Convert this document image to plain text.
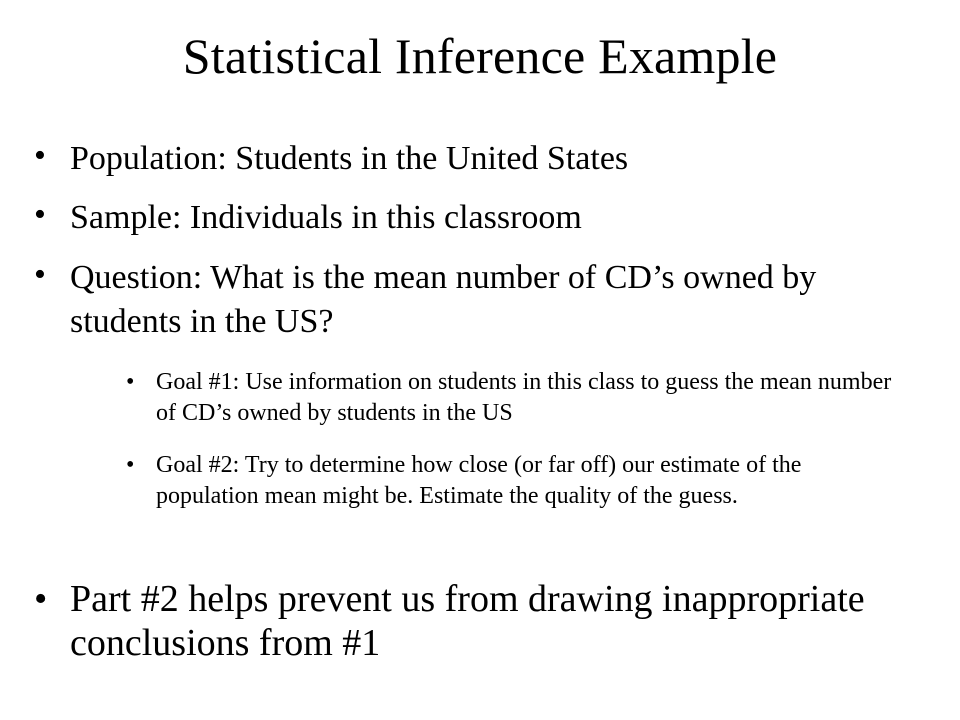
Statistical Inference Example
• Population: Students in the United States
• Sample: Individuals in this classroom
• Question: What is the mean number of CD’s owned by students in the US?
• Goal #1: Use information on students in this class to guess the mean number of CD’s owned by students in the US
• Goal #2: Try to determine how close (or far off) our estimate of the population mean might be. Estimate the quality of the guess.
• Part #2 helps prevent us from drawing inappropriate conclusions from #1
